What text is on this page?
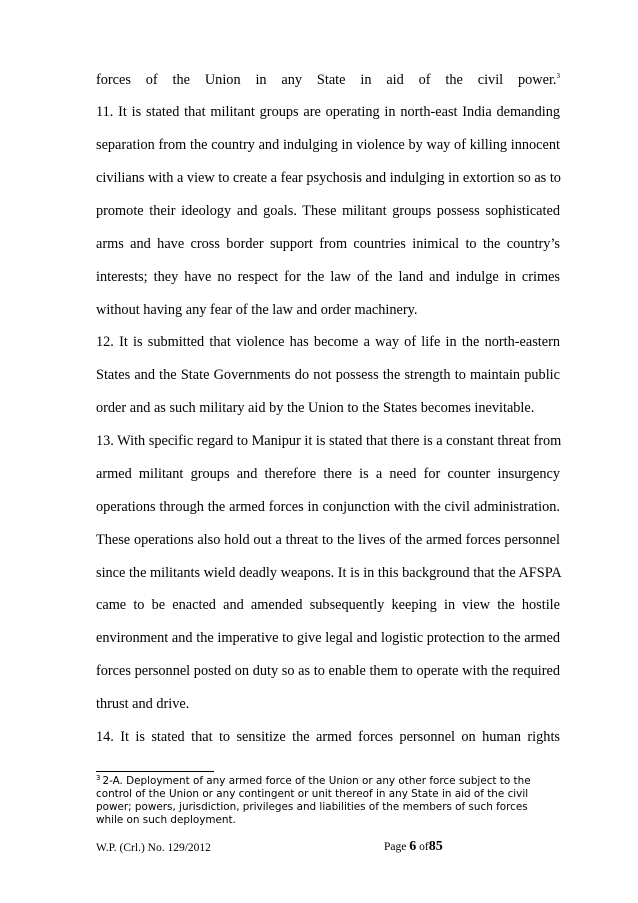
forces of the Union in any State in aid of the civil power.$^3$
11. It is stated that militant groups are operating in north-east India demanding
separation from the country and indulging in violence by way of killing innocent
civilians with a view to create a fear psychosis and indulging in extortion so as to
promote their ideology and goals. These militant groups possess sophisticated
arms and have cross border support from countries inimical to the country’s
interests; they have no respect for the law of the land and indulge in crimes
without having any fear of the law and order machinery.
12. It is submitted that violence has become a way of life in the north-eastern
States and the State Governments do not possess the strength to maintain public
order and as such military aid by the Union to the States becomes inevitable.
13. With specific regard to Manipur it is stated that there is a constant threat from
armed militant groups and therefore there is a need for counter insurgency
operations through the armed forces in conjunction with the civil administration.
These operations also hold out a threat to the lives of the armed forces personnel
since the militants wield deadly weapons. It is in this background that the AFSPA
came to be enacted and amended subsequently keeping in view the hostile
environment and the imperative to give legal and logistic protection to the armed
forces personnel posted on duty so as to enable them to operate with the required
thrust and drive.
14. It is stated that to sensitize the armed forces personnel on human rights
$^3$ 2-A. Deployment of any armed force of the Union or any other force subject to the
control of the Union or any contingent or unit thereof in any State in aid of the civil
power; powers, jurisdiction, privileges and liabilities of the members of such forces
while on such deployment.
W.P. (Crl.) No. 129/2012	Page 6 of85
